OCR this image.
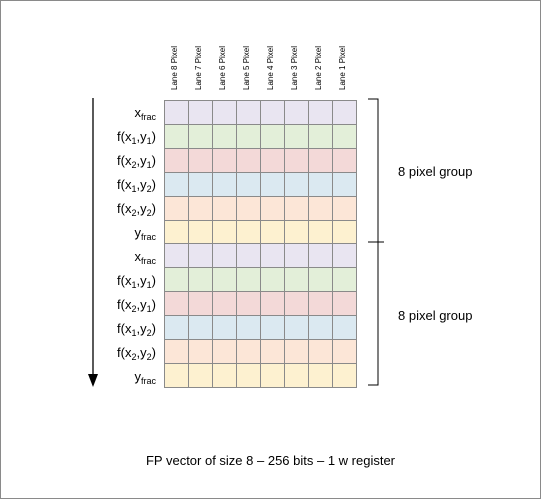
Lane 8 Pixel Lane 7 Pixel Lane 6 Pixel Lane 5 Pixel Lane 4 Pixel Lane 3 Pixel Lane 2 Pixel Lane 1 Pixel
$x_{frac}$
$f(x_1,y_1)$
$f(x_2,y_1)$
$f(x_1,y_2)$
$f(x_2,y_2)$
$y_{frac}$
$x_{frac}$
$f(x_1,y_1)$
$f(x_2,y_1)$
$f(x_1,y_2)$
$f(x_2,y_2)$
$y_{frac}$
8 pixel group
8 pixel group
FP vector of size 8 – 256 bits – 1 w register
